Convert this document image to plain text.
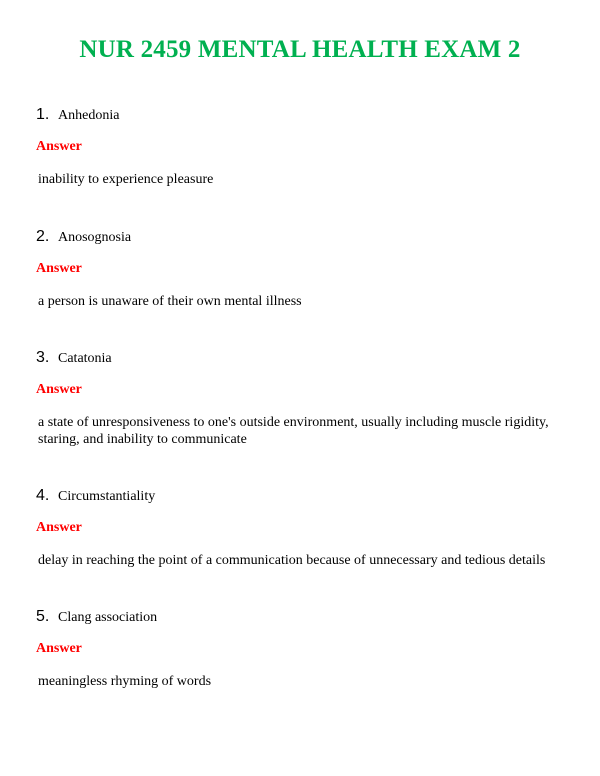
NUR 2459 MENTAL HEALTH EXAM 2
1. Anhedonia
Answer
inability to experience pleasure
2. Anosognosia
Answer
a person is unaware of their own mental illness
3. Catatonia
Answer
a state of unresponsiveness to one's outside environment, usually including muscle rigidity, staring, and inability to communicate
4. Circumstantiality
Answer
delay in reaching the point of a communication because of unnecessary and tedious details
5. Clang association
Answer
meaningless rhyming of words
